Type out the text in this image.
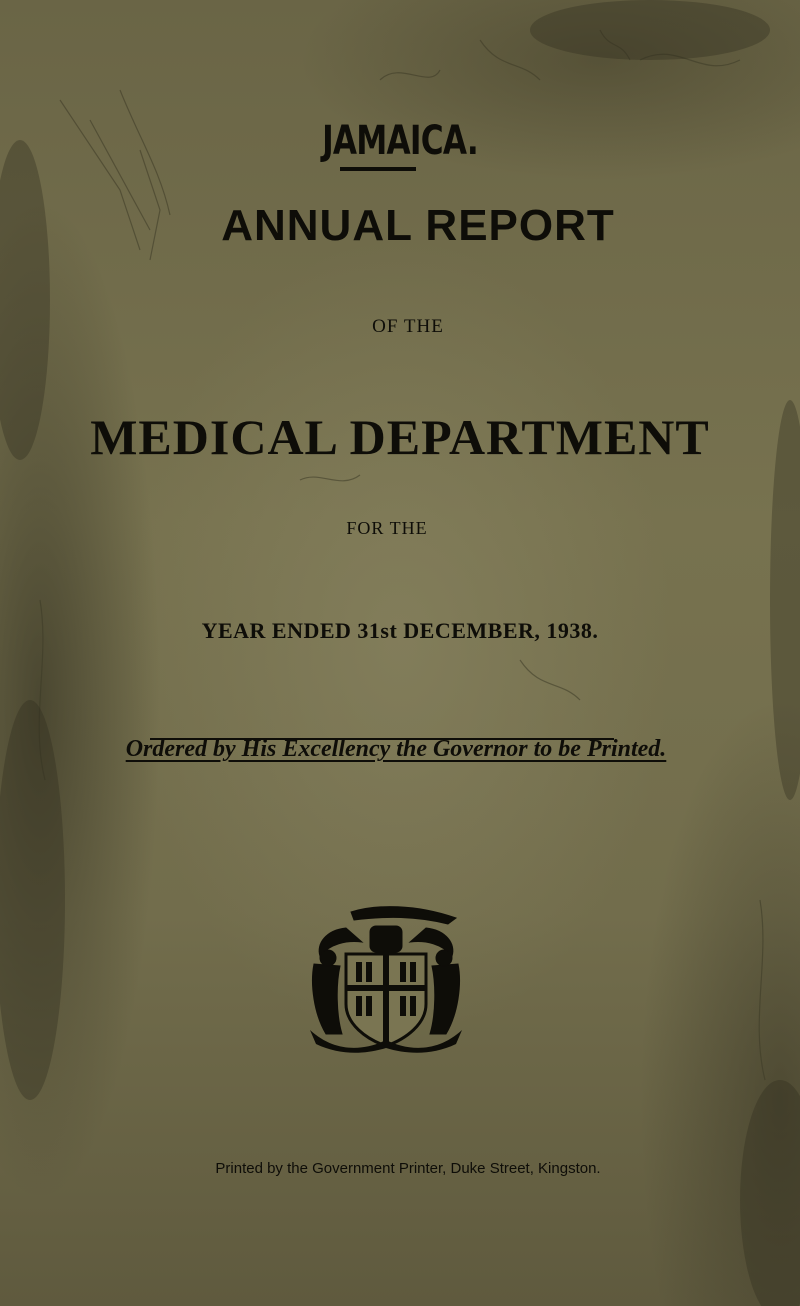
JAMAICA.
ANNUAL REPORT

OF THE

MEDICAL DEPARTMENT

FOR THE

YEAR ENDED 31st DECEMBER, 1938.

Ordered by His Excellency the Governor to be Printed.

Printed by the Government Printer, Duke Street, Kingston.
